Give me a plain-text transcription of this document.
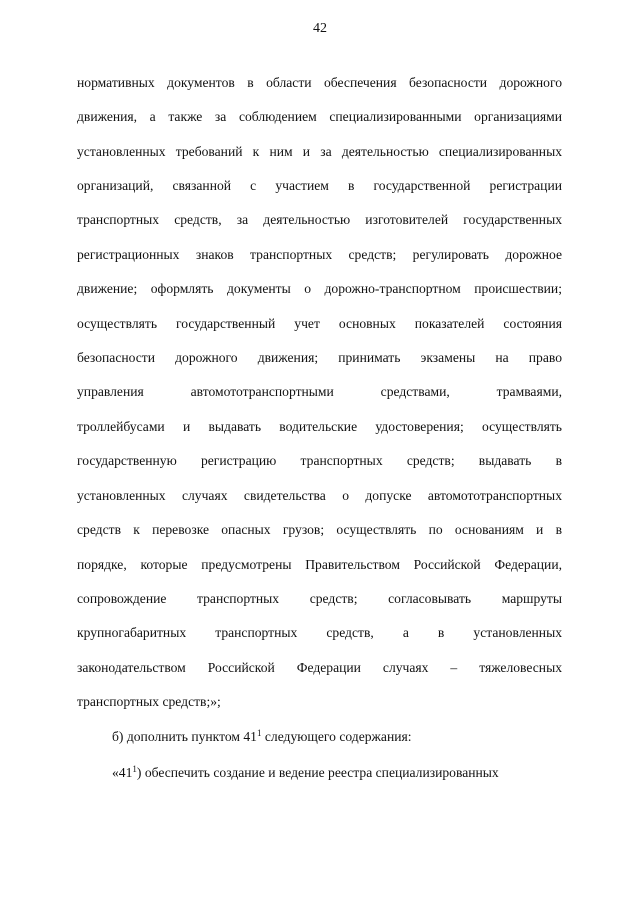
42
нормативных документов в области обеспечения безопасности дорожного
движения, а также за соблюдением специализированными организациями
установленных требований к ним и за деятельностью специализированных
организаций, связанной с участием в государственной регистрации
транспортных средств, за деятельностью изготовителей государственных
регистрационных знаков транспортных средств; регулировать дорожное
движение; оформлять документы о дорожно-транспортном происшествии;
осуществлять государственный учет основных показателей состояния
безопасности дорожного движения; принимать экзамены на право
управления автомототранспортными средствами, трамваями,
троллейбусами и выдавать водительские удостоверения; осуществлять
государственную регистрацию транспортных средств; выдавать в
установленных случаях свидетельства о допуске автомототранспортных
средств к перевозке опасных грузов; осуществлять по основаниям и в
порядке, которые предусмотрены Правительством Российской Федерации,
сопровождение транспортных средств; согласовывать маршруты
крупногабаритных транспортных средств, а в установленных
законодательством Российской Федерации случаях – тяжеловесных
транспортных средств;»;
б) дополнить пунктом $41^1$ следующего содержания:
«$41^1$) обеспечить создание и ведение реестра специализированных
